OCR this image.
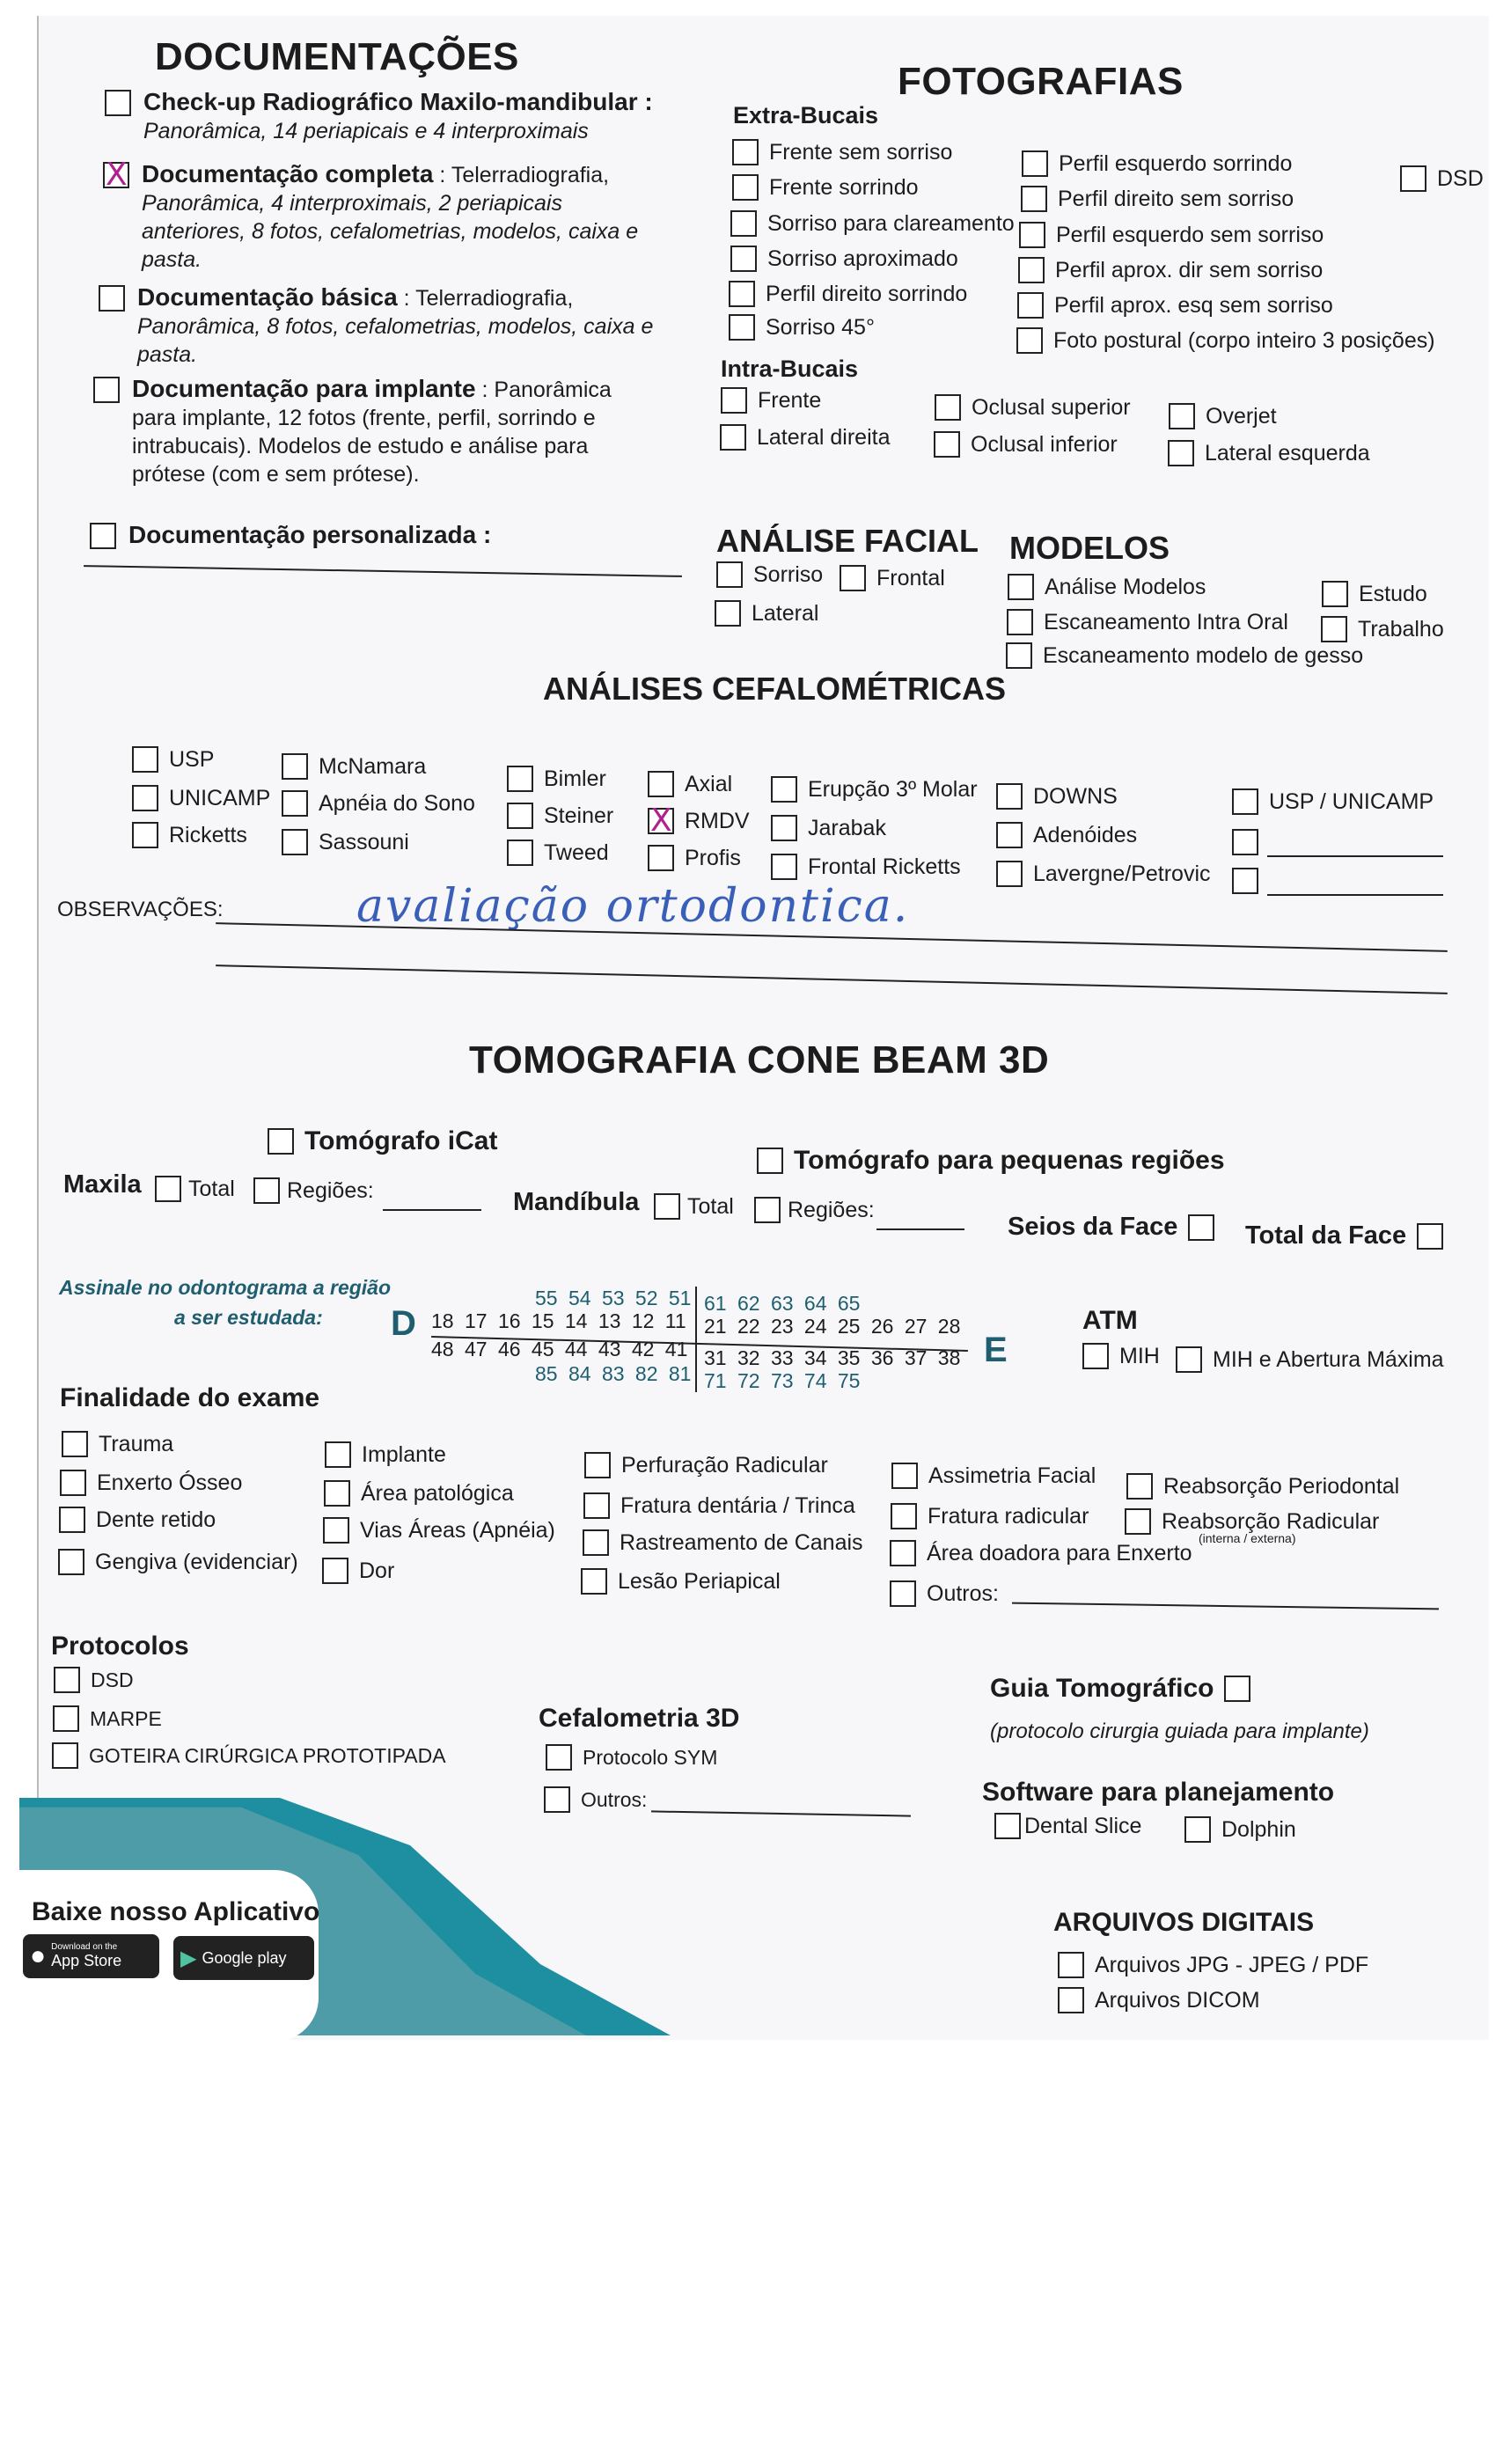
DOCUMENTAÇÕES
Check-up Radiográfico Maxilo-mandibular :
Panorâmica, 14 periapicais e 4 interproximais
X
Documentação completa : Telerradiografia, Panorâmica, 4 interproximais, 2 periapicais anteriores, 8 fotos, cefalometrias, modelos, caixa e pasta.
Documentação básica : Telerradiografia, Panorâmica, 8 fotos, cefalometrias, modelos, caixa e pasta.
Documentação para implante : Panorâmica para implante, 12 fotos (frente, perfil, sorrindo e intrabucais). Modelos de estudo e análise para prótese (com e sem prótese).
Documentação personalizada :
FOTOGRAFIAS
Extra-Bucais
Frente sem sorriso
Frente sorrindo
Sorriso para clareamento
Sorriso aproximado
Perfil direito sorrindo
Sorriso 45°
Perfil esquerdo sorrindo
Perfil direito sem sorriso
Perfil esquerdo sem sorriso
Perfil aprox. dir sem sorriso
Perfil aprox. esq sem sorriso
Foto postural (corpo inteiro 3 posições)
DSD
Intra-Bucais
Frente
Lateral direita
Oclusal superior
Oclusal inferior
Overjet
Lateral esquerda
ANÁLISE FACIAL
Sorriso Frontal
Lateral
MODELOS
Análise Modelos
Escaneamento Intra Oral
Escaneamento modelo de gesso
Estudo
Trabalho
ANÁLISES CEFALOMÉTRICAS
USP
UNICAMP
Ricketts
McNamara
Apnéia do Sono
Sassouni
Bimler
Steiner
Tweed
Axial
X
RMDV
Profis
Erupção 3º Molar
Jarabak
Frontal Ricketts
DOWNS
Adenóides
Lavergne/Petrovic
USP / UNICAMP
OBSERVAÇÕES:	avaliação ortodontica.
TOMOGRAFIA CONE BEAM 3D
Tomógrafo iCat
Tomógrafo para pequenas regiões
Maxila Total Regiões:	Mandíbula Total Regiões:
Seios da Face	Total da Face
Assinale no odontograma a região
a ser estudada: D
E
55 54 53 52 51 61 62 63 64 65
18 17 16 15 14 13 12 11 21 22 23 24 25 26 27 28
48 47 46 45 44 43 42 41 31 32 33 34 35 36 37 38
85 84 83 82 81 71 72 73 74 75
ATM
MIH MIH e Abertura Máxima
Finalidade do exame
Trauma
Enxerto Ósseo
Dente retido
Gengiva (evidenciar)
Implante
Área patológica
Vias Áreas (Apnéia)
Dor
Perfuração Radicular
Fratura dentária / Trinca
Rastreamento de Canais
Lesão Periapical
Assimetria Facial
Fratura radicular
Área doadora para Enxerto
Outros:
Reabsorção Periodontal
Reabsorção Radicular
(interna / externa)
Protocolos
DSD
MARPE
GOTEIRA CIRÚRGICA PROTOTIPADA
Cefalometria 3D
Protocolo SYM
Outros:
Guia Tomográfico
(protocolo cirurgia guiada para implante)
Software para planejamento
Dental Slice	Dolphin
ARQUIVOS DIGITAIS
Arquivos JPG - JPEG / PDF
Arquivos DICOM
Baixe nosso Aplicativo
● Download on the
App Store	▶ Google play
